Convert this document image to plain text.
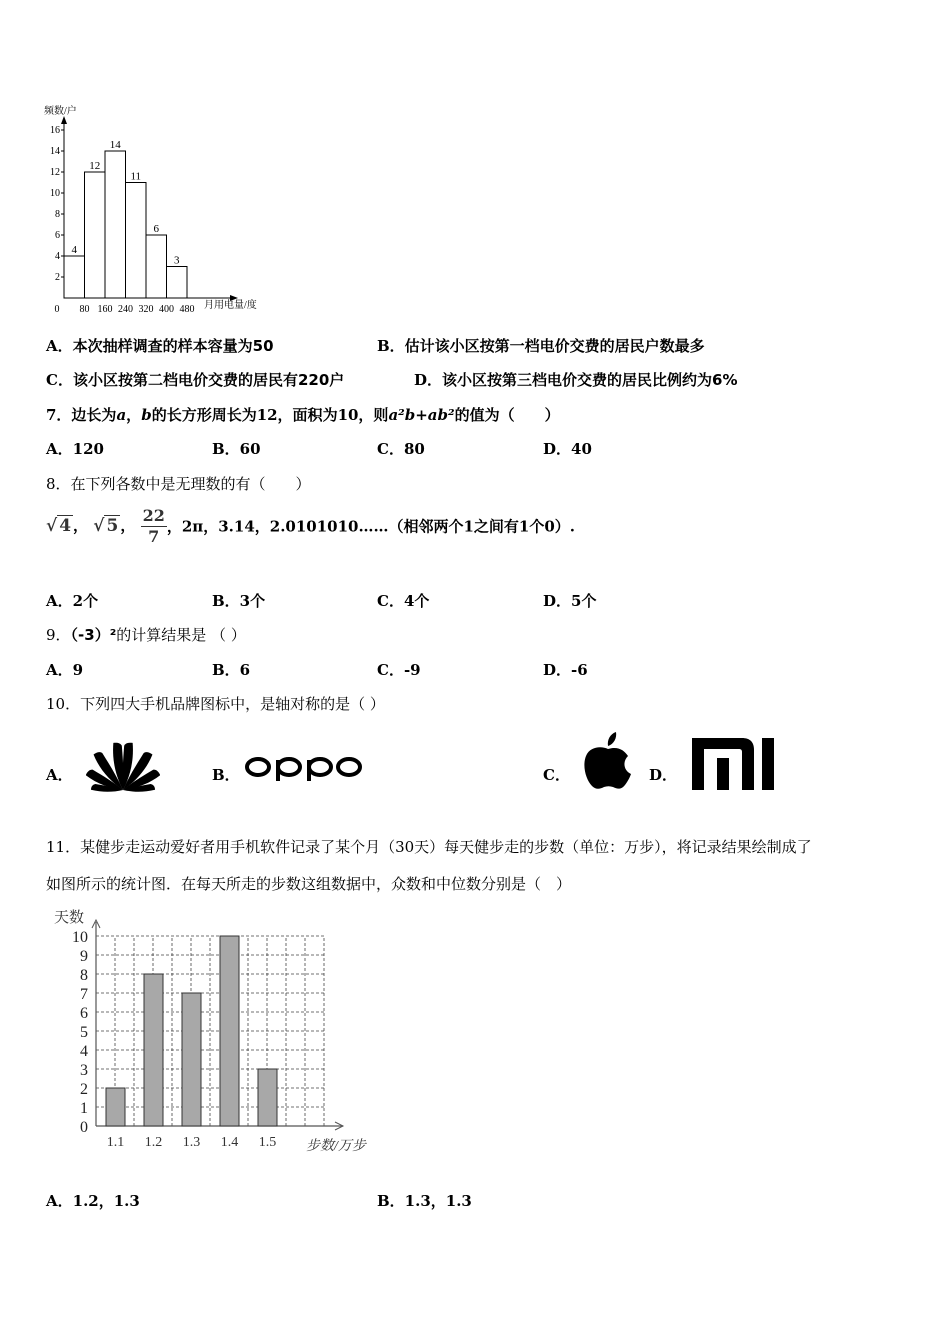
频数/户
月用电量/度
2
4
6
8
10
12
14
16
0 80 160 240 320 400 480
4
12
14
11
6
3
A．本次抽样调查的样本容量为50	B．估计该小区按第一档电价交费的居民户数最多
C．该小区按第二档电价交费的居民有220户	D．该小区按第三档电价交费的居民比例约为6%
7．边长为a，b的长方形周长为12，面积为10，则a²b+ab²的值为（　　）
A．120	B．60	C．80	D．40
8．在下列各数中是无理数的有（　　）
√ 4 ， √ 5 ， $\frac{22}{7}$ ，2π，3.14，2.0101010……（相邻两个1之间有1个0）.
A．2个	B．3个	C．4个	D．5个
9．（-3）²的计算结果是 （ ）
A．9	B．6	C．-9	D．-6
10．下列四大手机品牌图标中，是轴对称的是（ ）
A．	B．	C．	D．
11．某健步走运动爱好者用手机软件记录了某个月（30天）每天健步走的步数（单位：万步），将记录结果绘制成了
如图所示的统计图．在每天所走的步数这组数据中，众数和中位数分别是（　）
天数
步数/万步
0
1
2
3
4
5
6
7
8
9
10
1.1 1.2 1.3 1.4 1.5
A．1.2，1.3	B．1.3，1.3
